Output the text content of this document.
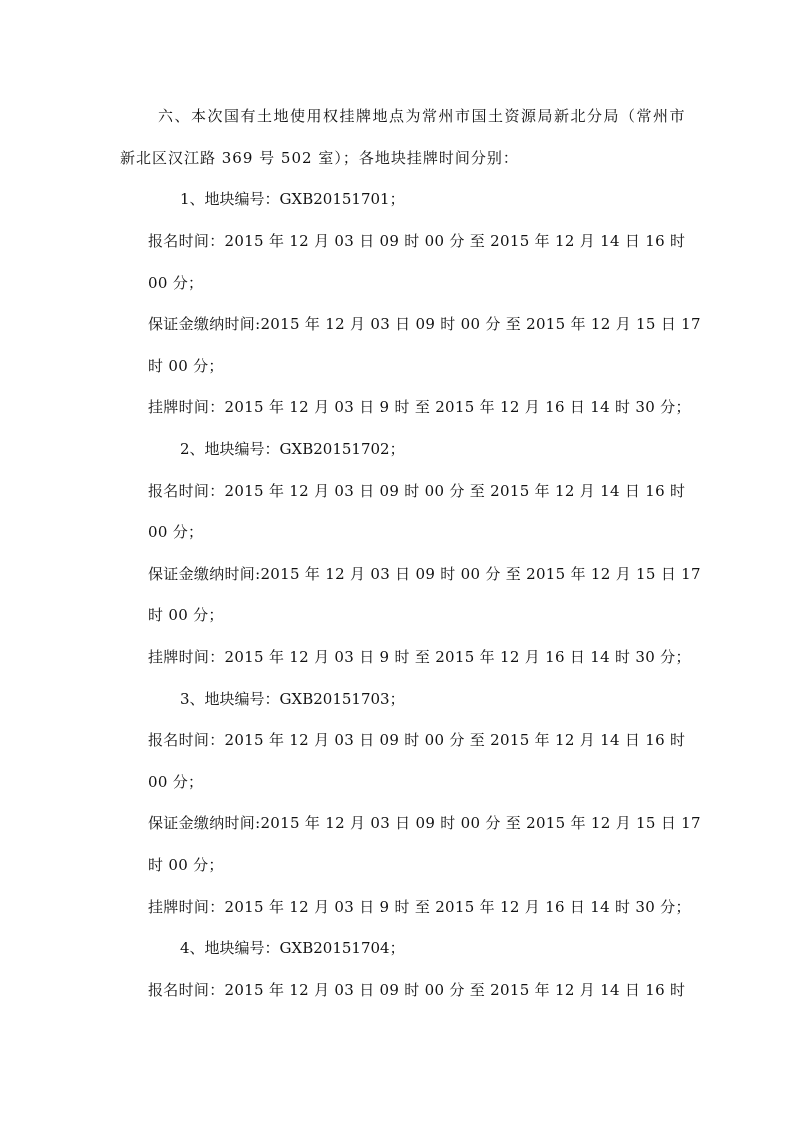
六、本次国有土地使用权挂牌地点为常州市国土资源局新北分局（常州市
新北区汉江路 369 号 502 室）；各地块挂牌时间分别：
1、地块编号：GXB20151701；
报名时间：2015 年 12 月 03 日 09 时 00 分 至 2015 年 12 月 14 日 16 时
00 分；
保证金缴纳时间:2015 年 12 月 03 日 09 时 00 分 至 2015 年 12 月 15 日 17
时 00 分；
挂牌时间：2015 年 12 月 03 日 9 时 至 2015 年 12 月 16 日 14 时 30 分；
2、地块编号：GXB20151702；
报名时间：2015 年 12 月 03 日 09 时 00 分 至 2015 年 12 月 14 日 16 时
00 分；
保证金缴纳时间:2015 年 12 月 03 日 09 时 00 分 至 2015 年 12 月 15 日 17
时 00 分；
挂牌时间：2015 年 12 月 03 日 9 时 至 2015 年 12 月 16 日 14 时 30 分；
3、地块编号：GXB20151703；
报名时间：2015 年 12 月 03 日 09 时 00 分 至 2015 年 12 月 14 日 16 时
00 分；
保证金缴纳时间:2015 年 12 月 03 日 09 时 00 分 至 2015 年 12 月 15 日 17
时 00 分；
挂牌时间：2015 年 12 月 03 日 9 时 至 2015 年 12 月 16 日 14 时 30 分；
4、地块编号：GXB20151704；
报名时间：2015 年 12 月 03 日 09 时 00 分 至 2015 年 12 月 14 日 16 时
